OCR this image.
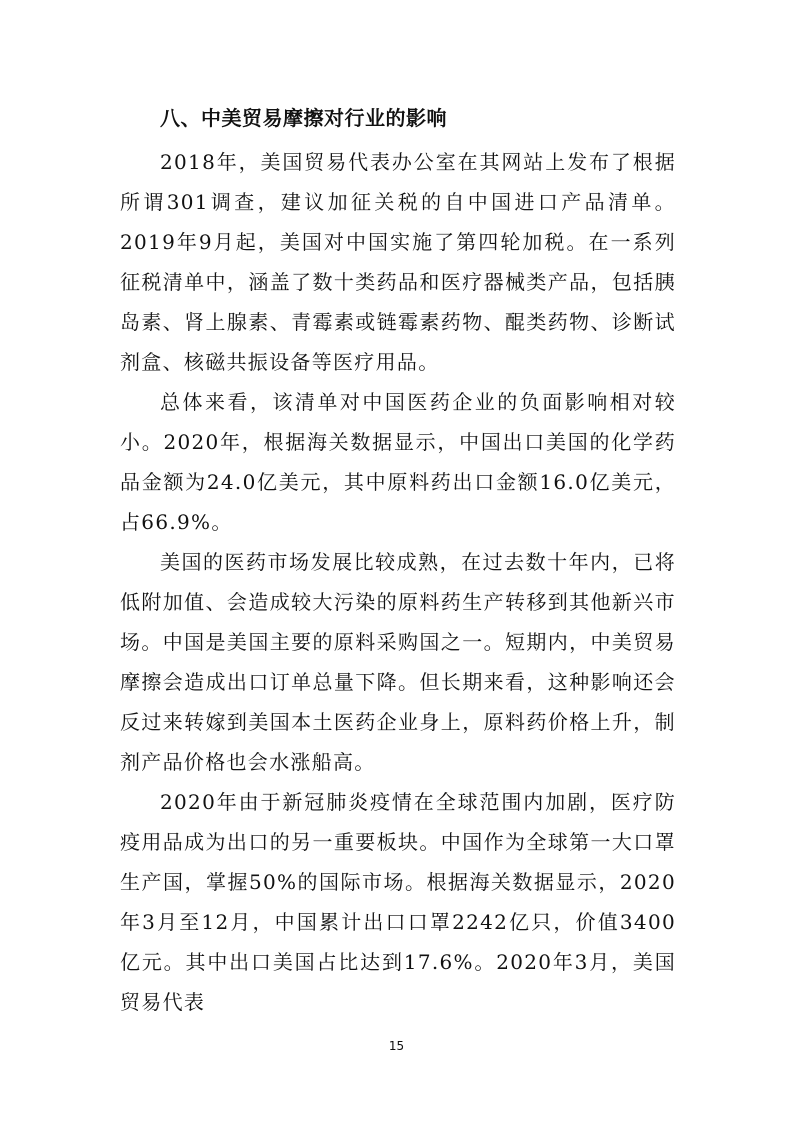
八、中美贸易摩擦对行业的影响

2018年，美国贸易代表办公室在其网站上发布了根据所谓301调查，建议加征关税的自中国进口产品清单。2019年9月起，美国对中国实施了第四轮加税。在一系列征税清单中，涵盖了数十类药品和医疗器械类产品，包括胰岛素、肾上腺素、青霉素或链霉素药物、醌类药物、诊断试剂盒、核磁共振设备等医疗用品。

总体来看，该清单对中国医药企业的负面影响相对较小。2020年，根据海关数据显示，中国出口美国的化学药品金额为24.0亿美元，其中原料药出口金额16.0亿美元，占66.9%。

美国的医药市场发展比较成熟，在过去数十年内，已将低附加值、会造成较大污染的原料药生产转移到其他新兴市场。中国是美国主要的原料采购国之一。短期内，中美贸易摩擦会造成出口订单总量下降。但长期来看，这种影响还会反过来转嫁到美国本土医药企业身上，原料药价格上升，制剂产品价格也会水涨船高。

2020年由于新冠肺炎疫情在全球范围内加剧，医疗防疫用品成为出口的另一重要板块。中国作为全球第一大口罩生产国，掌握50%的国际市场。根据海关数据显示，2020年3月至12月，中国累计出口口罩2242亿只，价值3400亿元。其中出口美国占比达到17.6%。2020年3月，美国贸易代表

15
